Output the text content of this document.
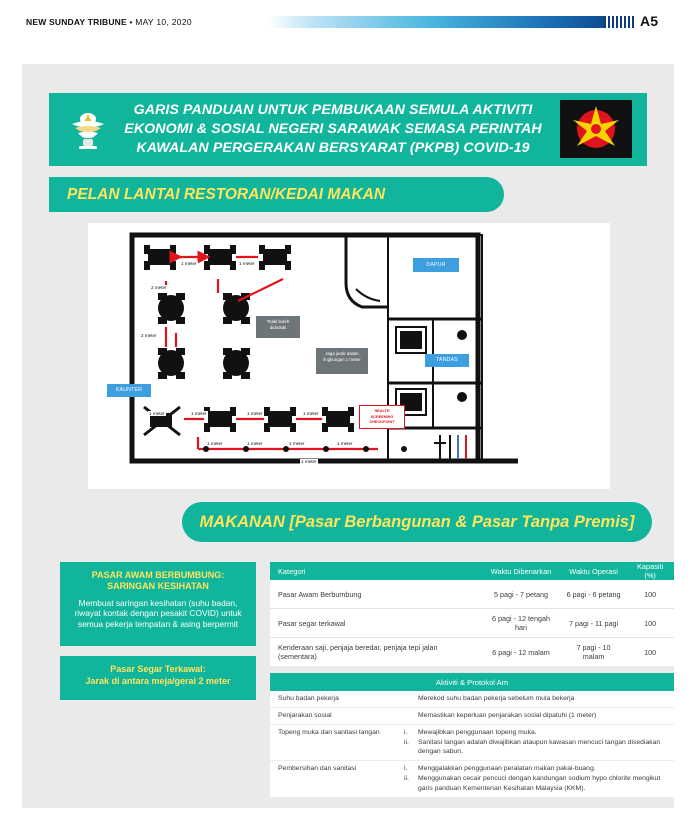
NEW SUNDAY TRIBUNE • MAY 10, 2020	A5
GARIS PANDUAN UNTUK PEMBUKAAN SEMULA AKTIVITI
EKONOMI & SOSIAL NEGERI SARAWAK SEMASA PERINTAH
KAWALAN PERGERAKAN BERSYARAT (PKPB) COVID-19
PELAN LANTAI RESTORAN/KEDAI MAKAN
DAPUR
TANDAS
KAUNTER
HEALTH
SCREENING
CHECKPOINT
Tidak boleh diduduki
Jaga jarak dalam lingkungan 1 meter
1 meter	1 meter
2 meter
2 meter
1 meter	1 meter	1 meter	1 meter
1 meter	1 meter	1 meter	1 meter
1 meter
MAKANAN [Pasar Berbangunan & Pasar Tanpa Premis]
PASAR AWAM BERBUMBUNG:
SARINGAN KESIHATAN
Membuat saringan kesihatan (suhu badan, riwayat kontak dengan pesakit COVID) untuk semua pekerja tempatan & asing berpermit
Pasar Segar Terkawal:
Jarak di antara meja/gerai 2 meter
Kategori	Waktu Dibenarkan	Waktu Operasi	Kapasiti (%)
Pasar Awam Berbumbung	5 pagi - 7 petang	6 pagi - 6 petang	100
Pasar segar terkawal	6 pagi - 12 tengah hari	7 pagi - 11 pagi	100
Kenderaan saji, penjaja beredar, penjaja tepi jalan (sementara)	6 pagi - 12 malam	7 pagi - 10 malam	100
Aktiviti & Protokol Am
Suhu badan pekerja	Merekod suhu badan pekerja sebelum mula bekerja
Penjarakan sosial	Memastikan keperluan penjarakan sosial dipatuhi (1 meter)
Topeng muka dan sanitasi tangan	i.	Mewajibkan penggunaan topeng muka.
ii.	Sanitasi tangan adalah diwajibkan ataupun kawasan mencuci tangan disediakan dengan sabun.
Pembersihan dan sanitasi	i.	Menggalakkan penggunaan peralatan makan pakai-buang.
ii.	Menggunakan cecair pencuci dengan kandungan sodium hypo chlorite mengikut garis panduan Kementerian Kesihatan Malaysia (KKM).
